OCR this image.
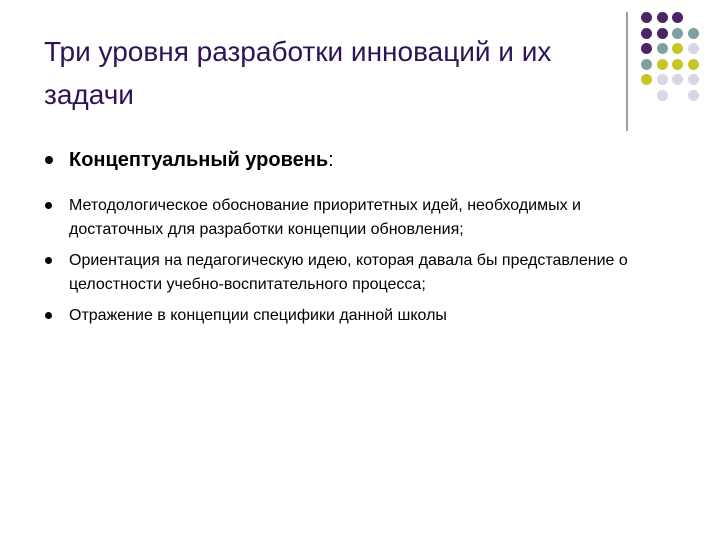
Три уровня разработки инноваций и их задачи
Концептуальный уровень:
Методологическое обоснование приоритетных идей, необходимых и достаточных для разработки концепции обновления;
Ориентация на педагогическую идею, которая давала бы представление о целостности учебно-воспитательного процесса;
Отражение в концепции специфики данной школы
